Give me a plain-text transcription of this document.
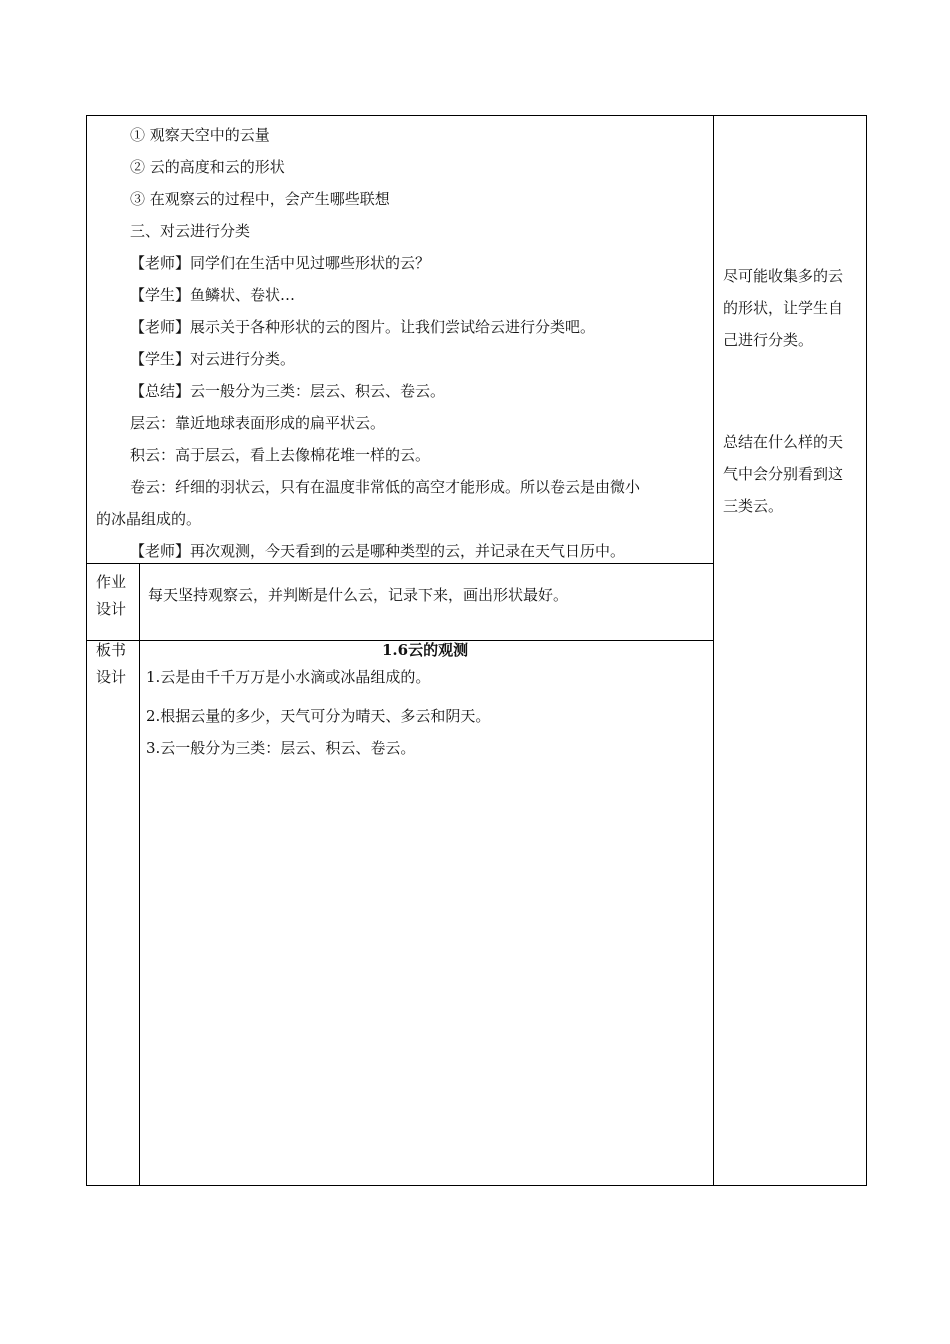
① 观察天空中的云量
② 云的高度和云的形状
③ 在观察云的过程中，会产生哪些联想
三、对云进行分类
【老师】同学们在生活中见过哪些形状的云？
【学生】鱼鳞状、卷状…
【老师】展示关于各种形状的云的图片。让我们尝试给云进行分类吧。
【学生】对云进行分类。
【总结】云一般分为三类：层云、积云、卷云。
层云：靠近地球表面形成的扁平状云。
积云：高于层云，看上去像棉花堆一样的云。
卷云：纤细的羽状云，只有在温度非常低的高空才能形成。所以卷云是由微小
的冰晶组成的。
【老师】再次观测，今天看到的云是哪种类型的云，并记录在天气日历中。
尽可能收集多的云
的形状，让学生自
己进行分类。
总结在什么样的天
气中会分别看到这
三类云。
作业
设计
每天坚持观察云，并判断是什么云，记录下来，画出形状最好。
板书
设计
1.6云的观测
1.云是由千千万万是小水滴或冰晶组成的。
2.根据云量的多少，天气可分为晴天、多云和阴天。
3.云一般分为三类：层云、积云、卷云。
